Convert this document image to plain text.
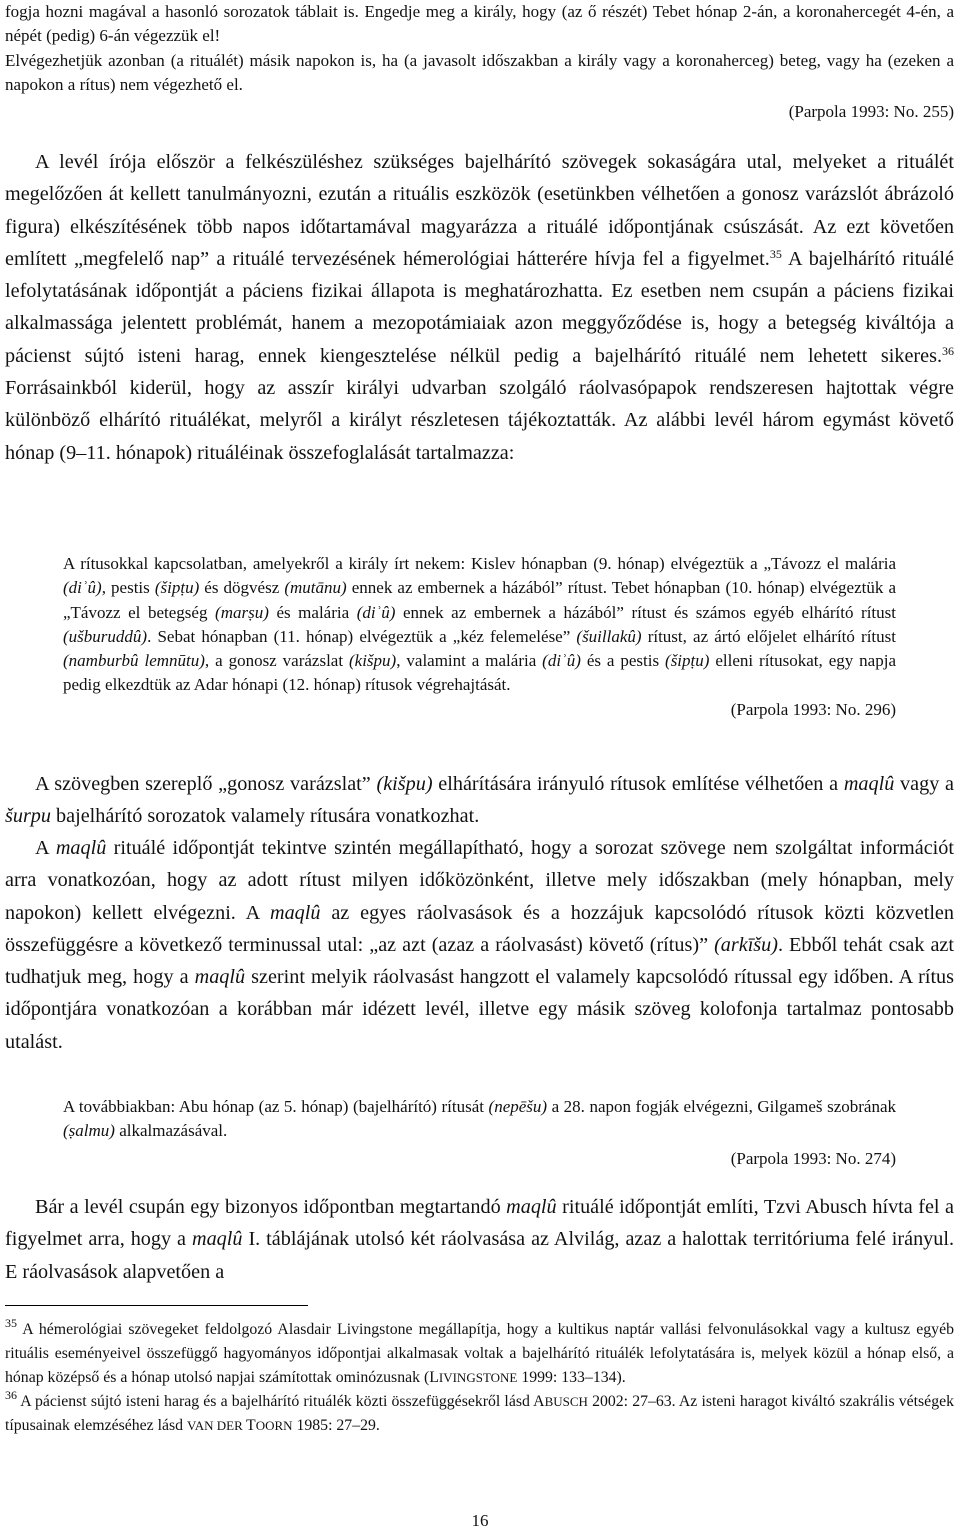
fogja hozni magával a hasonló sorozatok táblait is. Engedje meg a király, hogy (az ő részét) Tebet hónap 2-án, a koronahercegét 4-én, a népét (pedig) 6-án végezzük el!
Elvégezhetjük azonban (a rituálét) másik napokon is, ha (a javasolt időszakban a király vagy a koronaherceg) beteg, vagy ha (ezeken a napokon a rítus) nem végezhető el.
(Parpola 1993: No. 255)
A levél írója először a felkészüléshez szükséges bajelhárító szövegek sokaságára utal, melyeket a rituálét megelőzően át kellett tanulmányozni, ezután a rituális eszközök (esetünkben vélhetően a gonosz varázslót ábrázoló figura) elkészítésének több napos időtartamával magyarázza a rituálé időpontjának csúszását. Az ezt követően említett „megfelelő nap” a rituálé tervezésének hémerológiai hátterére hívja fel a figyelmet.$^{35}$ A bajelhárító rituálé lefolytatásának időpontját a páciens fizikai állapota is meghatározhatta. Ez esetben nem csupán a páciens fizikai alkalmassága jelentett problémát, hanem a mezopotámiaiak azon meggyőződése is, hogy a betegség kiváltója a pácienst sújtó isteni harag, ennek kiengesztelése nélkül pedig a bajelhárító rituálé nem lehetett sikeres.$^{36}$ Forrásainkból kiderül, hogy az asszír királyi udvarban szolgáló ráolvasópapok rendszeresen hajtottak végre különböző elhárító rituálékat, melyről a királyt részletesen tájékoztatták. Az alábbi levél három egymást követő hónap (9–11. hónapok) rituáléinak összefoglalását tartalmazza:
A rítusokkal kapcsolatban, amelyekről a király írt nekem: Kislev hónapban (9. hónap) elvégeztük a „Távozz el malária (diʾû), pestis (šipṭu) és dögvész (mutānu) ennek az embernek a házából” rítust. Tebet hónapban (10. hónap) elvégeztük a „Távozz el betegség (marṣu) és malária (diʾû) ennek az embernek a házából” rítust és számos egyéb elhárító rítust (ušburuddû). Sebat hónapban (11. hónap) elvégeztük a „kéz felemelése” (šuillakû) rítust, az ártó előjelet elhárító rítust (namburbû lemnūtu), a gonosz varázslat (kišpu), valamint a malária (diʾû) és a pestis (šipṭu) elleni rítusokat, egy napja pedig elkezdtük az Adar hónapi (12. hónap) rítusok végrehajtását.
(Parpola 1993: No. 296)
A szövegben szereplő „gonosz varázslat” (kišpu) elhárítására irányuló rítusok említése vélhetően a maqlû vagy a šurpu bajelhárító sorozatok valamely rítusára vonatkozhat.
A maqlû rituálé időpontját tekintve szintén megállapítható, hogy a sorozat szövege nem szolgáltat információt arra vonatkozóan, hogy az adott rítust milyen időközönként, illetve mely időszakban (mely hónapban, mely napokon) kellett elvégezni. A maqlû az egyes ráolvasások és a hozzájuk kapcsolódó rítusok közti közvetlen összefüggésre a következő terminussal utal: „az azt (azaz a ráolvasást) követő (rítus)” (arkīšu). Ebből tehát csak azt tudhatjuk meg, hogy a maqlû szerint melyik ráolvasást hangzott el valamely kapcsolódó rítussal egy időben. A rítus időpontjára vonatkozóan a korábban már idézett levél, illetve egy másik szöveg kolofonja tartalmaz pontosabb utalást.
A továbbiakban: Abu hónap (az 5. hónap) (bajelhárító) rítusát (nepēšu) a 28. napon fogják elvégezni, Gilgameš szobrának (ṣalmu) alkalmazásával.
(Parpola 1993: No. 274)
Bár a levél csupán egy bizonyos időpontban megtartandó maqlû rituálé időpontját említi, Tzvi Abusch hívta fel a figyelmet arra, hogy a maqlû I. táblájának utolsó két ráolvasása az Alvilág, azaz a halottak territóriuma felé irányul. E ráolvasások alapvetően a
$^{35}$ A hémerológiai szövegeket feldolgozó Alasdair Livingstone megállapítja, hogy a kultikus naptár vallási felvonulásokkal vagy a kultusz egyéb rituális eseményeivel összefüggő hagyományos időpontjai alkalmasak voltak a bajelhárító rituálék lefolytatására is, melyek közül a hónap első, a hónap középső és a hónap utolsó napjai számítottak ominózusnak (LIVINGSTONE 1999: 133–134).
$^{36}$ A pácienst sújtó isteni harag és a bajelhárító rituálék közti összefüggésekről lásd ABUSCH 2002: 27–63. Az isteni haragot kiváltó szakrális vétségek típusainak elemzéséhez lásd VAN DER TOORN 1985: 27–29.
16
